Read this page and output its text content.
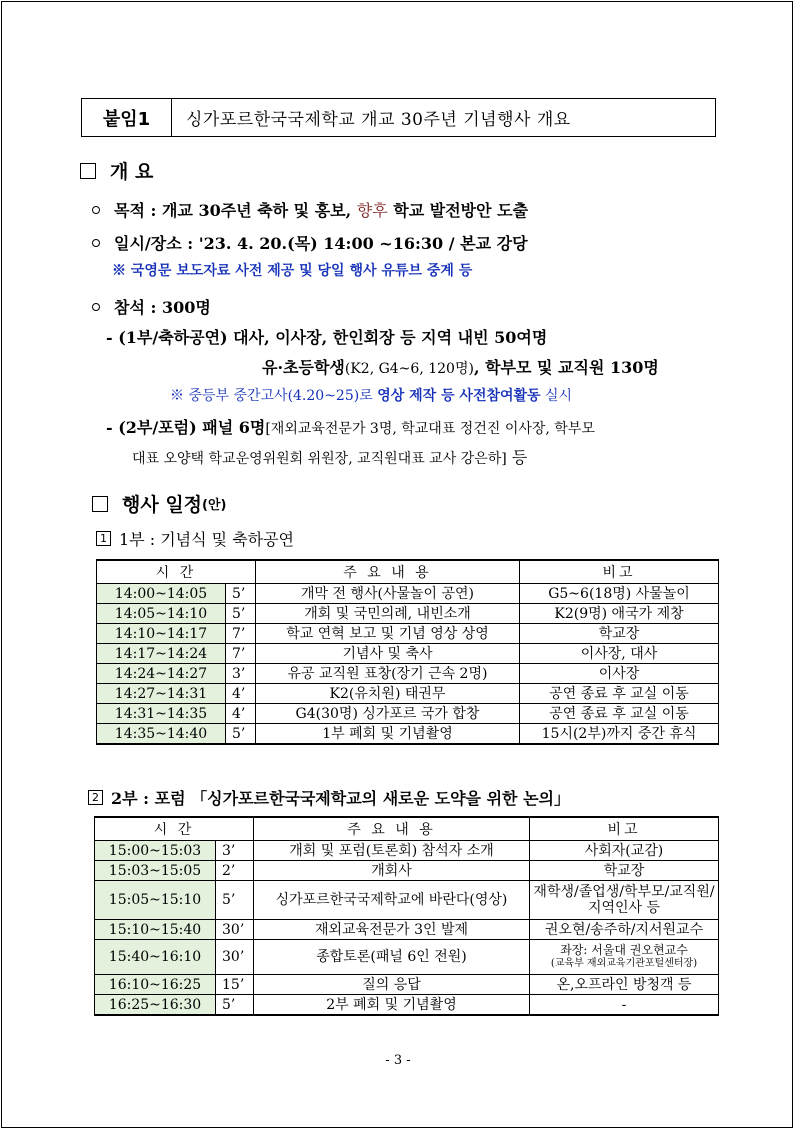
붙임1	싱가포르한국국제학교 개교 30주년 기념행사 개요
개 요
목적 : 개교 30주년 축하 및 홍보, 향후 학교 발전방안 도출
일시/장소 : '23. 4. 20.(목) 14:00 ~16:30 / 본교 강당
※ 국영문 보도자료 사전 제공 및 당일 행사 유튜브 중계 등
참석 : 300명
- (1부/축하공연) 대사, 이사장, 한인회장 등 지역 내빈 50여명
유·초등학생(K2, G4~6, 120명), 학부모 및 교직원 130명
※ 중등부 중간고사(4.20~25)로 영상 제작 등 사전참여활동 실시
- (2부/포럼) 패널 6명[재외교육전문가 3명, 학교대표 정건진 이사장, 학부모
대표 오양택 학교운영위원회 위원장, 교직원대표 교사 강은하] 등
행사 일정 (안)
1 1부 : 기념식 및 축하공연
시 간		주 요 내 용	비고
14:00~14:05	5’	개막 전 행사(사물놀이 공연)	G5~6(18명) 사물놀이
14:05~14:10	5’	개회 및 국민의례, 내빈소개	K2(9명) 애국가 제창
14:10~14:17	7’	학교 연혁 보고 및 기념 영상 상영	학교장
14:17~14:24	7’	기념사 및 축사	이사장, 대사
14:24~14:27	3’	유공 교직원 표창(장기 근속 2명)	이사장
14:27~14:31	4’	K2(유치원) 태권무	공연 종료 후 교실 이동
14:31~14:35	4’	G4(30명) 싱가포르 국가 합창	공연 종료 후 교실 이동
14:35~14:40	5’	1부 폐회 및 기념촬영	15시(2부)까지 중간 휴식
2 2부 : 포럼 「싱가포르한국국제학교의 새로운 도약을 위한 논의」
시 간		주 요 내 용	비고
15:00~15:03	3’	개회 및 포럼(토론회) 참석자 소개	사회자(교감)
15:03~15:05	2’	개회사	학교장
15:05~15:10	5’	싱가포르한국국제학교에 바란다(영상)	재학생/졸업생/학부모/교직원/지역인사 등
15:10~15:40	30’	재외교육전문가 3인 발제	권오현/송주하/지서원교수
15:40~16:10	30’	종합토론(패널 6인 전원)	좌장: 서울대 권오현교수
(교육부 재외교육기관포털센터장)

16:10~16:25	15’	질의 응답	온,오프라인 방청객 등
16:25~16:30	5’	2부 폐회 및 기념촬영	-
- 3 -
